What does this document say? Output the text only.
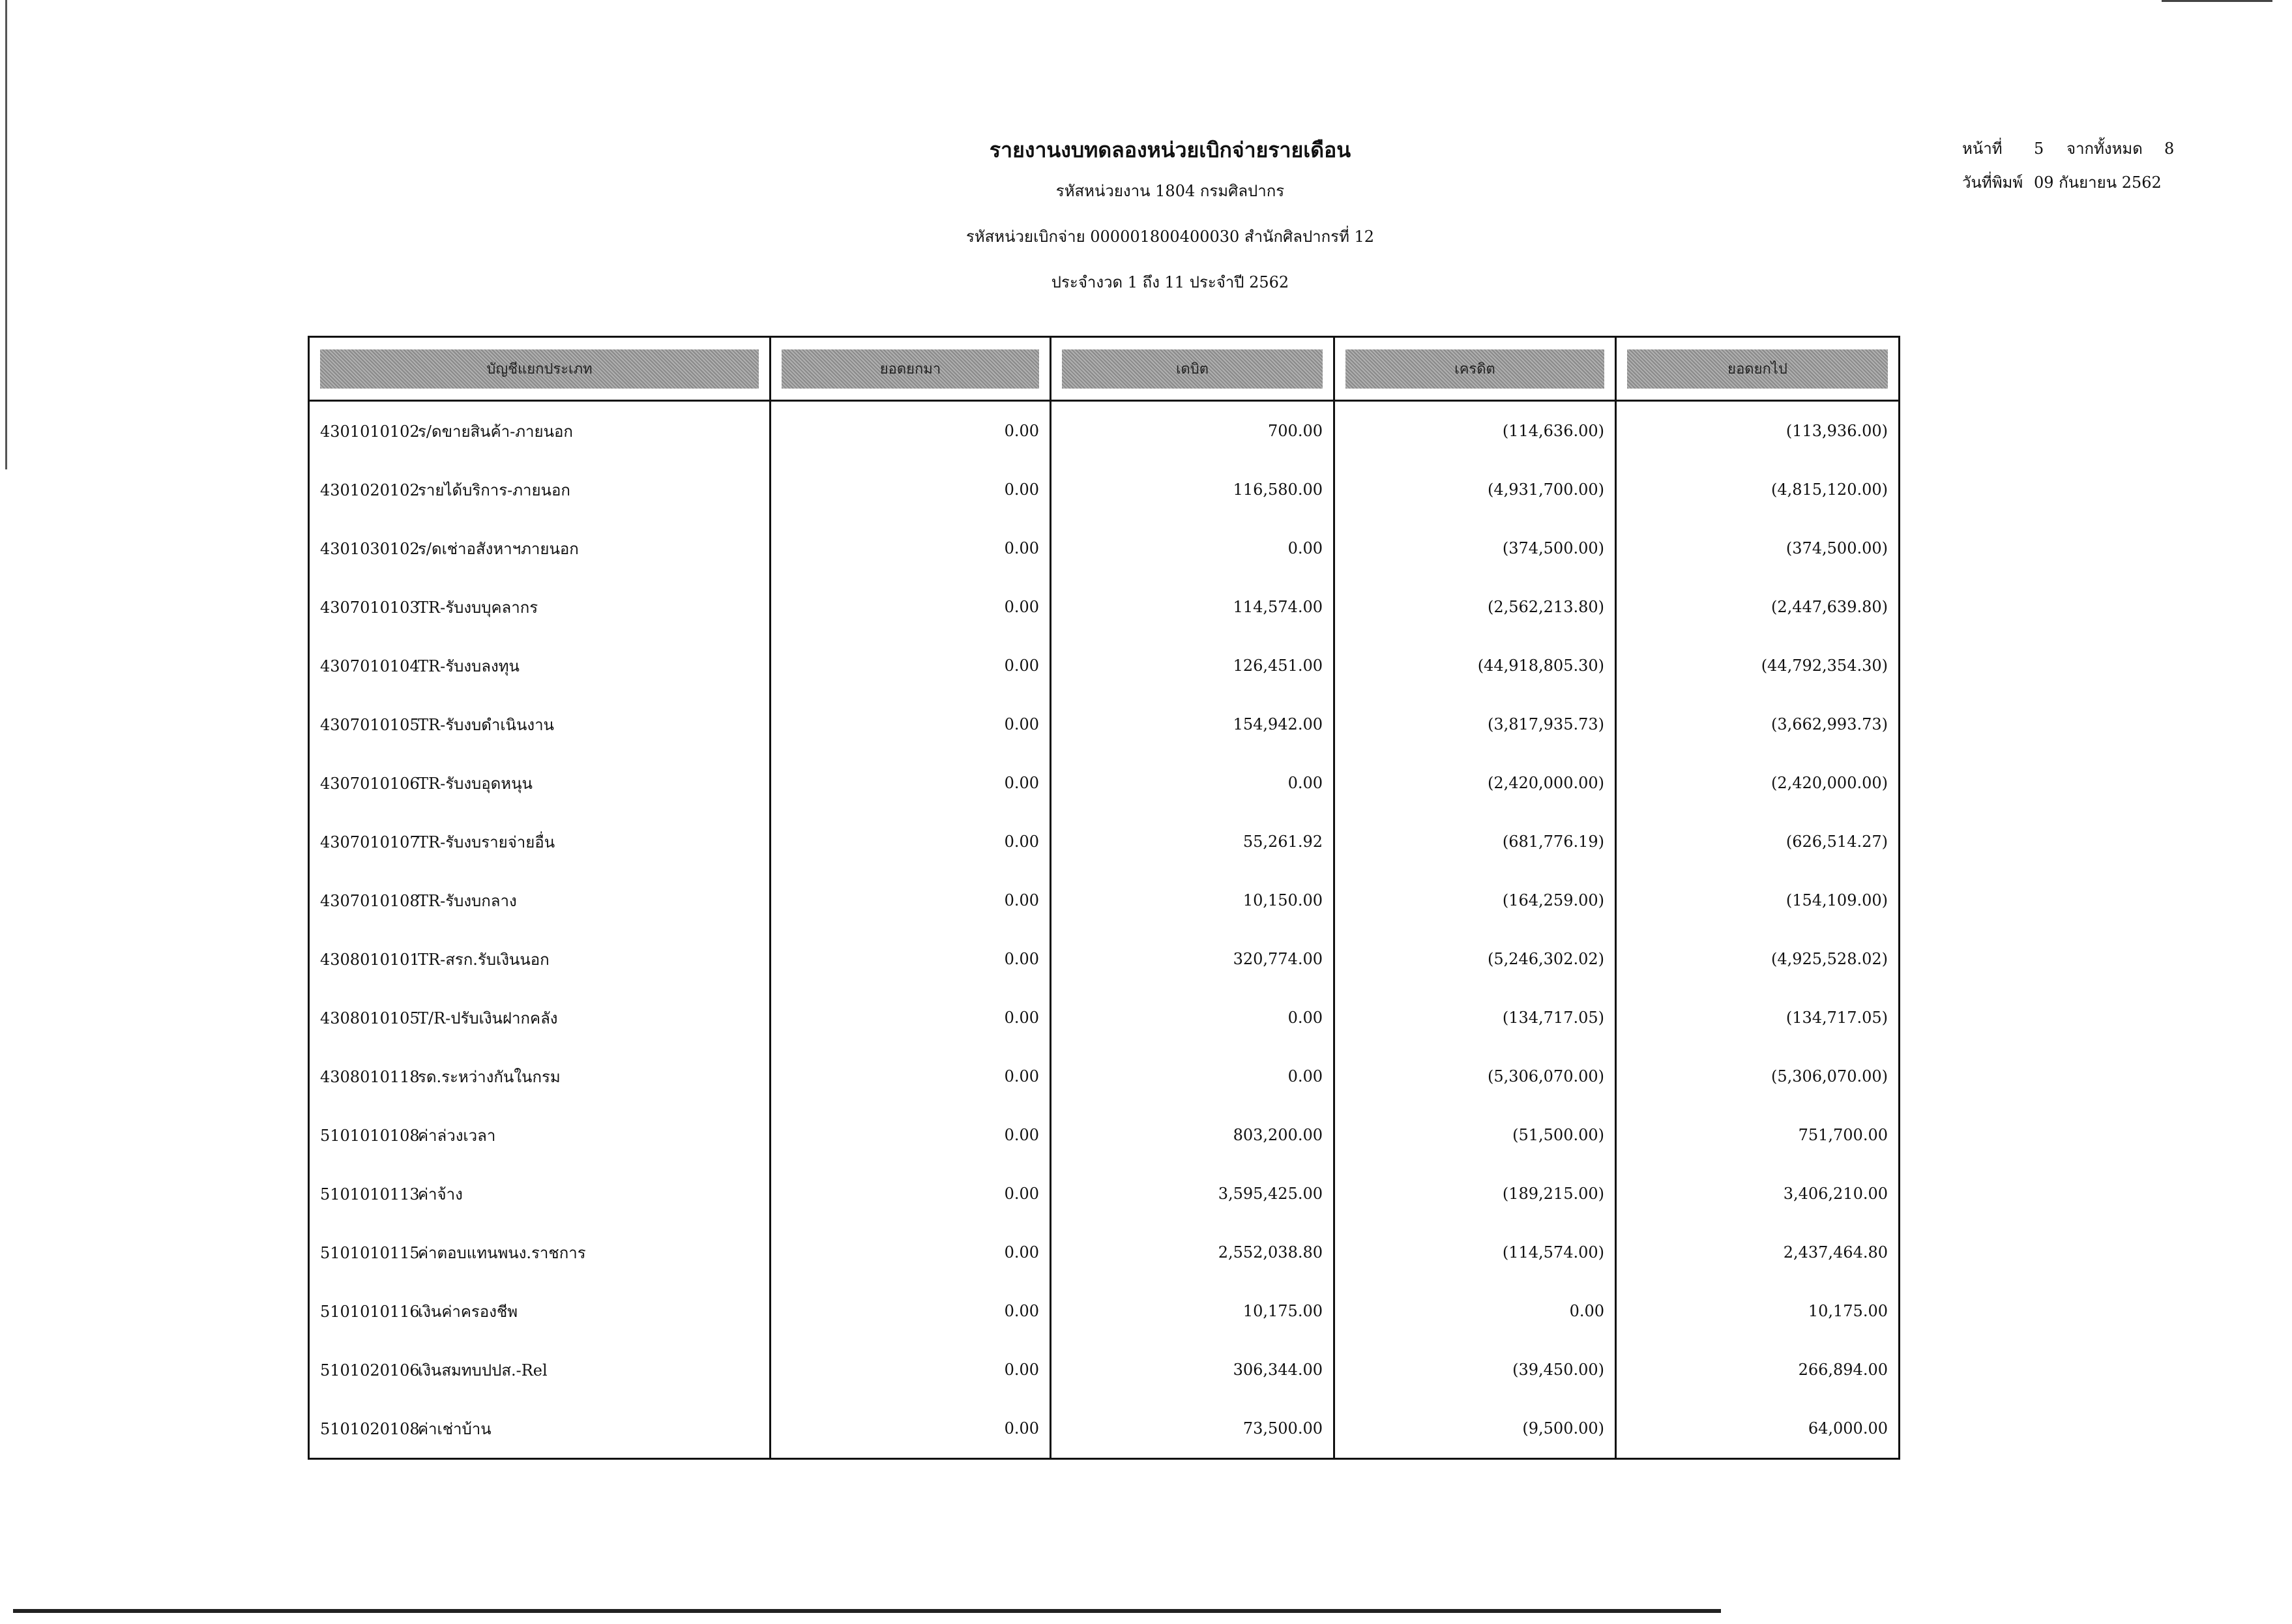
รายงานงบทดลองหน่วยเบิกจ่ายรายเดือน
รหัสหน่วยงาน 1804 กรมศิลปากร
รหัสหน่วยเบิกจ่าย 000001800400030 สำนักศิลปากรที่ 12
ประจำงวด 1 ถึง 11 ประจำปี 2562
หน้าที่	5	จากทั้งหมด	8
วันที่พิมพ์ 09 กันยายน 2562
บัญชีแยกประเภท	ยอดยกมา	เดบิต	เครดิต	ยอดยกไป

4301010102ร/ดขายสินค้า-ภายนอก	0.00	700.00	(114,636.00)	(113,936.00)
4301020102รายได้บริการ-ภายนอก	0.00	116,580.00	(4,931,700.00)	(4,815,120.00)
4301030102ร/ดเช่าอสังหาฯภายนอก	0.00	0.00	(374,500.00)	(374,500.00)
4307010103TR-รับงบบุคลากร	0.00	114,574.00	(2,562,213.80)	(2,447,639.80)
4307010104TR-รับงบลงทุน	0.00	126,451.00	(44,918,805.30)	(44,792,354.30)
4307010105TR-รับงบดำเนินงาน	0.00	154,942.00	(3,817,935.73)	(3,662,993.73)
4307010106TR-รับงบอุดหนุน	0.00	0.00	(2,420,000.00)	(2,420,000.00)
4307010107TR-รับงบรายจ่ายอื่น	0.00	55,261.92	(681,776.19)	(626,514.27)
4307010108TR-รับงบกลาง	0.00	10,150.00	(164,259.00)	(154,109.00)
4308010101TR-สรก.รับเงินนอก	0.00	320,774.00	(5,246,302.02)	(4,925,528.02)
4308010105T/R-ปรับเงินฝากคลัง	0.00	0.00	(134,717.05)	(134,717.05)
4308010118รด.ระหว่างกันในกรม	0.00	0.00	(5,306,070.00)	(5,306,070.00)
5101010108ค่าล่วงเวลา	0.00	803,200.00	(51,500.00)	751,700.00
5101010113ค่าจ้าง	0.00	3,595,425.00	(189,215.00)	3,406,210.00
5101010115ค่าตอบแทนพนง.ราชการ	0.00	2,552,038.80	(114,574.00)	2,437,464.80
5101010116เงินค่าครองชีพ	0.00	10,175.00	0.00	10,175.00
5101020106เงินสมทบปปส.-Rel	0.00	306,344.00	(39,450.00)	266,894.00
5101020108ค่าเช่าบ้าน	0.00	73,500.00	(9,500.00)	64,000.00
